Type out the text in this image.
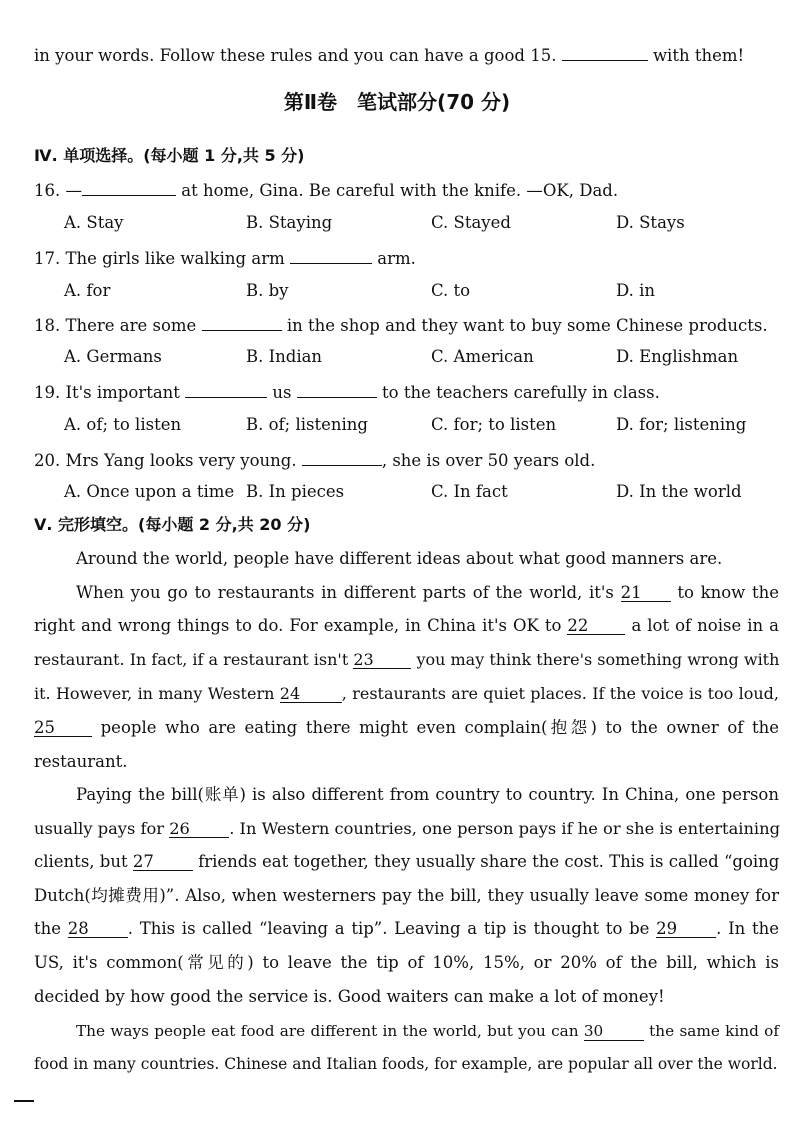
in your words. Follow these rules and you can have a good 15.	with them!
第Ⅱ卷　笔试部分(70 分)
Ⅳ. 单项选择。(每小题 1 分,共 5 分)
16. —	at home, Gina. Be careful with the knife. —OK, Dad.
A. Stay	B. Staying	C. Stayed	D. Stays
17. The girls like walking arm	arm.
A. for	B. by	C. to	D. in
18. There are some	in the shop and they want to buy some Chinese products.
A. Germans	B. Indian	C. American	D. Englishman
19. It's important	us	to the teachers carefully in class.
A. of; to listen	B. of; listening	C. for; to listen	D. for; listening
20. Mrs Yang looks very young.	, she is over 50 years old.
A. Once upon a time B. In pieces	C. In fact	D. In the world
Ⅴ. 完形填空。(每小题 2 分,共 20 分)
Around the world, people have different ideas about what good manners are.
When you go to restaurants in different parts of the world, it's 21 to know the
right and wrong things to do. For example, in China it's OK to 22	a lot of noise in a
restaurant. In fact, if a restaurant isn't 23	you may think there's something wrong with
it. However, in many Western 24	, restaurants are quiet places. If the voice is too loud,
25	people who are eating there might even complain(抱怨) to the owner of the
restaurant.
Paying the bill(账单) is also different from country to country. In China, one person
usually pays for 26 . In Western countries, one person pays if he or she is entertaining
clients, but 27	friends eat together, they usually share the cost. This is called “going
Dutch(均摊费用)”. Also, when westerners pay the bill, they usually leave some money for
the 28 . This is called “leaving a tip”. Leaving a tip is thought to be 29 . In the
US, it's common(常见的) to leave the tip of 10%, 15%, or 20% of the bill, which is
decided by how good the service is. Good waiters can make a lot of money!
The ways people eat food are different in the world, but you can 30	the same kind of
food in many countries. Chinese and Italian foods, for example, are popular all over the world.
